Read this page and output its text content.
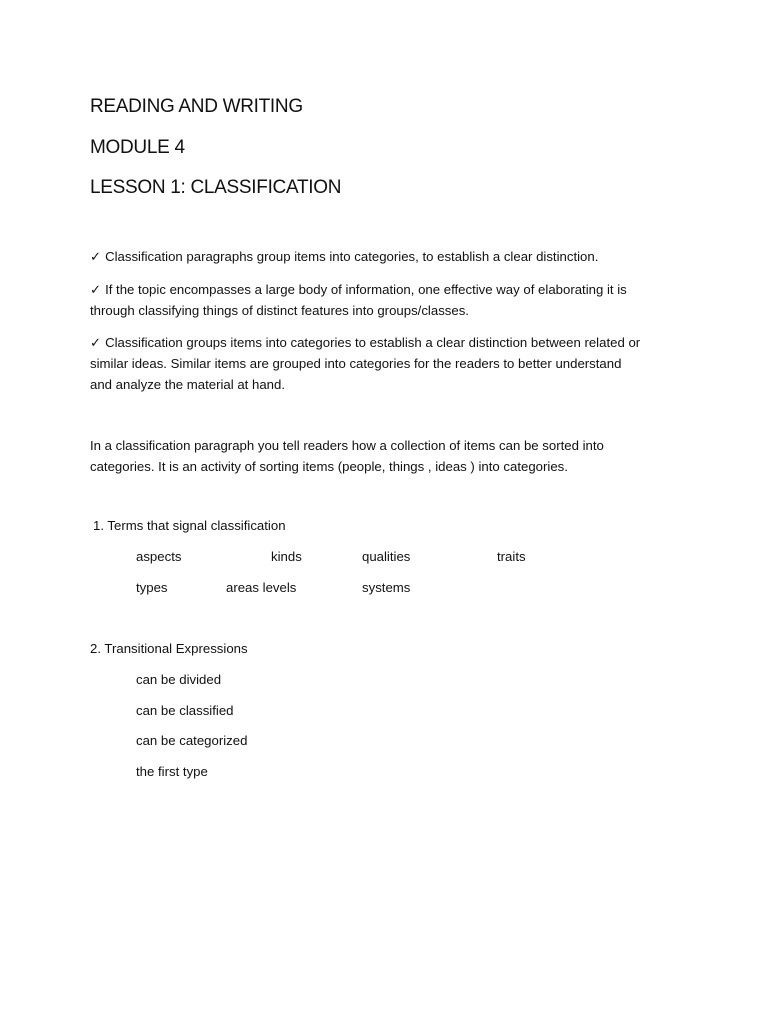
READING AND WRITING
MODULE 4
LESSON 1: CLASSIFICATION
✓ Classification paragraphs group items into categories, to establish a clear distinction.
✓ If the topic encompasses a large body of information, one effective way of elaborating it is
through classifying things of distinct features into groups/classes.
✓ Classification groups items into categories to establish a clear distinction between related or
similar ideas. Similar items are grouped into categories for the readers to better understand
and analyze the material at hand.
In a classification paragraph you tell readers how a collection of items can be sorted into
categories. It is an activity of sorting items (people, things , ideas ) into categories.
1. Terms that signal classification
aspects	kinds	qualities	traits
types	areas levels	systems
2. Transitional Expressions
can be divided
can be classified
can be categorized
the first type
